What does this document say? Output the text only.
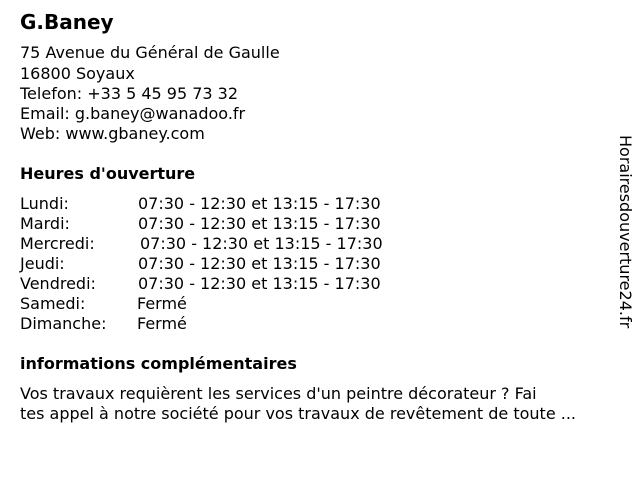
G.Baney
75 Avenue du Général de Gaulle
16800 Soyaux
Telefon: +33 5 45 95 73 32
Email: g.baney@wanadoo.fr
Web: www.gbaney.com
Heures d'ouverture
Lundi:	07:30 - 12:30 et 13:15 - 17:30
Mardi:	07:30 - 12:30 et 13:15 - 17:30
Mercredi:	07:30 - 12:30 et 13:15 - 17:30
Jeudi:	07:30 - 12:30 et 13:15 - 17:30
Vendredi:	07:30 - 12:30 et 13:15 - 17:30
Samedi:	Fermé
Dimanche: Fermé
informations complémentaires
Vos travaux requièrent les services d'un peintre décorateur ? Fai
tes appel à notre société pour vos travaux de revêtement de toute ...
Horairesdouverture24.fr
